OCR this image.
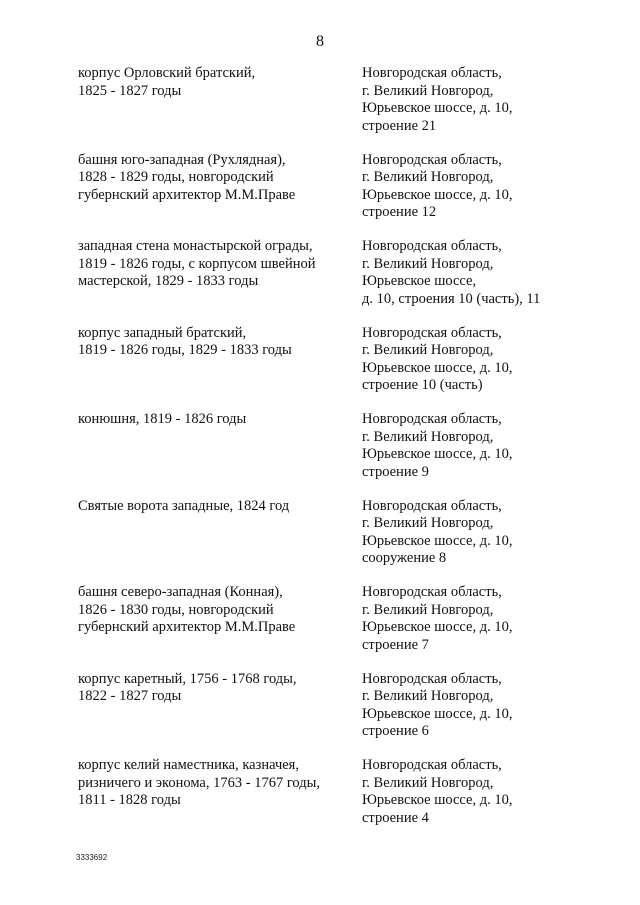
8
корпус Орловский братский,
1825 - 1827 годы
Новгородская область,
г. Великий Новгород,
Юрьевское шоссе, д. 10,
строение 21
башня юго-западная (Рухлядная),
1828 - 1829 годы, новгородский
губернский архитектор М.М.Праве
Новгородская область,
г. Великий Новгород,
Юрьевское шоссе, д. 10,
строение 12
западная стена монастырской ограды,
1819 - 1826 годы, с корпусом швейной
мастерской, 1829 - 1833 годы
Новгородская область,
г. Великий Новгород,
Юрьевское шоссе,
д. 10, строения 10 (часть), 11
корпус западный братский,
1819 - 1826 годы, 1829 - 1833 годы
Новгородская область,
г. Великий Новгород,
Юрьевское шоссе, д. 10,
строение 10 (часть)
конюшня, 1819 - 1826 годы	Новгородская область,
г. Великий Новгород,
Юрьевское шоссе, д. 10,
строение 9
Святые ворота западные, 1824 год	Новгородская область,
г. Великий Новгород,
Юрьевское шоссе, д. 10,
сооружение 8
башня северо-западная (Конная),
1826 - 1830 годы, новгородский
губернский архитектор М.М.Праве
Новгородская область,
г. Великий Новгород,
Юрьевское шоссе, д. 10,
строение 7
корпус каретный, 1756 - 1768 годы,
1822 - 1827 годы
Новгородская область,
г. Великий Новгород,
Юрьевское шоссе, д. 10,
строение 6
корпус келий наместника, казначея,
ризничего и эконома, 1763 - 1767 годы,
1811 - 1828 годы
Новгородская область,
г. Великий Новгород,
Юрьевское шоссе, д. 10,
строение 4
3333692
